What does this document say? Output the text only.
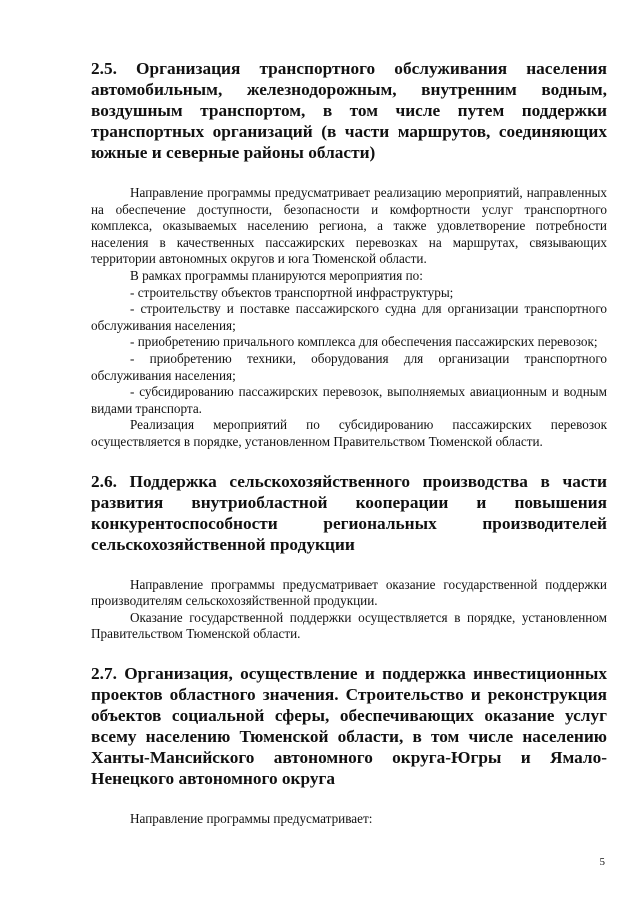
2.5. Организация транспортного обслуживания населения автомобильным, железнодорожным, внутренним водным, воздушным транспортом, в том числе путем поддержки транспортных организаций (в части маршрутов, соединяющих южные и северные районы области)

Направление программы предусматривает реализацию мероприятий, направленных на обеспечение доступности, безопасности и комфортности услуг транспортного комплекса, оказываемых населению региона, а также удовлетворение потребности населения в качественных пассажирских перевозках на маршрутах, связывающих территории автономных округов и юга Тюменской области.

В рамках программы планируются мероприятия по:

- строительству объектов транспортной инфраструктуры;

- строительству и поставке пассажирского судна для организации транспортного обслуживания населения;

- приобретению причального комплекса для обеспечения пассажирских перевозок;

- приобретению техники, оборудования для организации транспортного обслуживания населения;

- субсидированию пассажирских перевозок, выполняемых авиационным и водным видами транспорта.

Реализация мероприятий по субсидированию пассажирских перевозок осуществляется в порядке, установленном Правительством Тюменской области.

2.6. Поддержка сельскохозяйственного производства в части развития внутриобластной кооперации и повышения конкурентоспособности региональных производителей сельскохозяйственной продукции

Направление программы предусматривает оказание государственной поддержки производителям сельскохозяйственной продукции.

Оказание государственной поддержки осуществляется в порядке, установленном Правительством Тюменской области.

2.7. Организация, осуществление и поддержка инвестиционных проектов областного значения. Строительство и реконструкция объектов социальной сферы, обеспечивающих оказание услуг всему населению Тюменской области, в том числе населению Ханты-Мансийского автономного округа-Югры и Ямало-Ненецкого автономного округа

Направление программы предусматривает:

5
